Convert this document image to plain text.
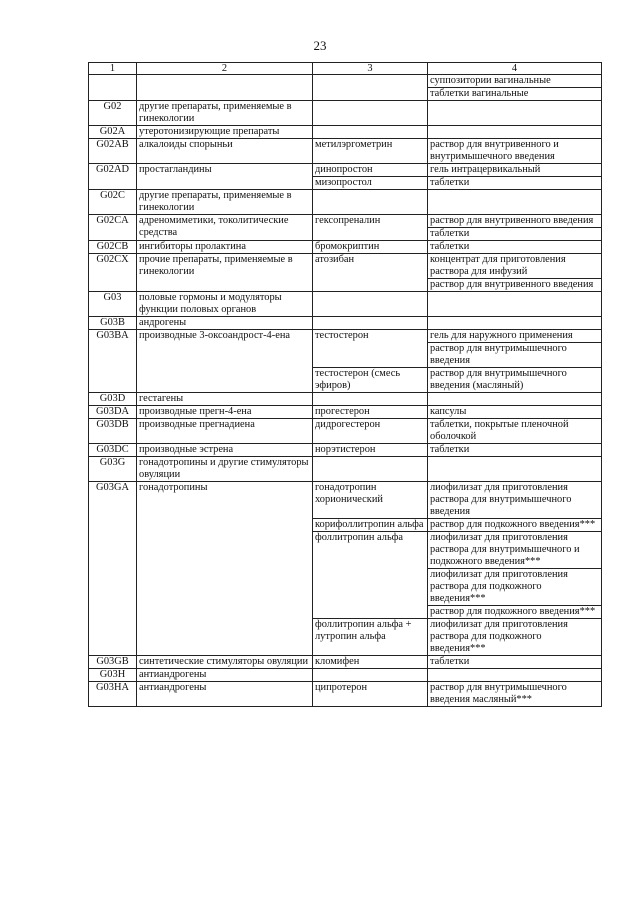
23
1	2	3	4
			суппозитории вагинальные
			таблетки вагинальные
G02	другие препараты, применяемые в гинекологии		
G02A	утеротонизирующие препараты		
G02AB	алкалоиды спорыньи	метилэргометрин	раствор для внутривенного и внутримышечного введения
G02AD	простагландины	динопростон	гель интрацервикальный
		мизопростол	таблетки
G02C	другие препараты, применяемые в гинекологии		
G02CA	адреномиметики, токолитические средства	гексопреналин	раствор для внутривенного введения
			таблетки
G02CB	ингибиторы пролактина	бромокриптин	таблетки
G02CX	прочие препараты, применяемые в гинекологии	атозибан	концентрат для приготовления раствора для инфузий
			раствор для внутривенного введения
G03	половые гормоны и модуляторы функции половых органов		
G03B	андрогены		
G03BA	производные 3-оксоандрост-4-ена	тестостерон	гель для наружного применения
			раствор для внутримышечного введения
		тестостерон (смесь эфиров)	раствор для внутримышечного введения (масляный)
G03D	гестагены		
G03DA	производные прегн-4-ена	прогестерон	капсулы
G03DB	производные прегнадиена	дидрогестерон	таблетки, покрытые пленочной оболочкой
G03DC	производные эстрена	норэтистерон	таблетки
G03G	гонадотропины и другие стимуляторы овуляции		
G03GA	гонадотропины	гонадотропин хорионический	лиофилизат для приготовления раствора для внутримышечного введения
		корифоллитропин альфа	раствор для подкожного введения***
		фоллитропин альфа	лиофилизат для приготовления раствора для внутримышечного и подкожного введения***
			лиофилизат для приготовления раствора для подкожного введения***
			раствор для подкожного введения***
		фоллитропин альфа + лутропин альфа	лиофилизат для приготовления раствора для подкожного введения***
G03GB	синтетические стимуляторы овуляции	кломифен	таблетки
G03H	антиандрогены		
G03HA	антиандрогены	ципротерон	раствор для внутримышечного введения масляный***
